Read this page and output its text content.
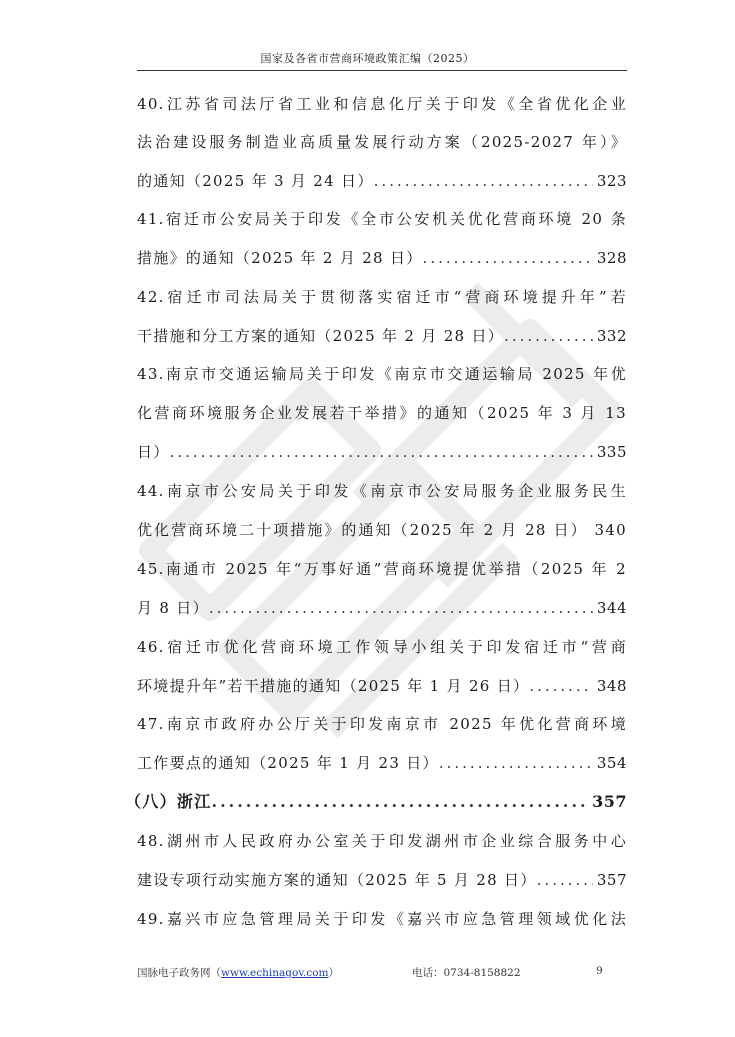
国家及各省市营商环境政策汇编（2025）
40.江苏省司法厅省工业和信息化厅关于印发《全省优化企业
法治建设服务制造业高质量发展行动方案（2025-2027 年）》
的通知（2025 年 3 月 24 日） .....	323
41.宿迁市公安局关于印发《全市公安机关优化营商环境 20 条
措施》的通知（2025 年 2 月 28 日） .....	328
42.宿迁市司法局关于贯彻落实宿迁市“营商环境提升年”若
干措施和分工方案的通知（2025 年 2 月 28 日） .....	332
43.南京市交通运输局关于印发《南京市交通运输局 2025 年优
化营商环境服务企业发展若干举措》的通知（2025 年 3 月 13
日） .....	335
44.南京市公安局关于印发《南京市公安局服务企业服务民生
优化营商环境二十项措施》的通知（2025 年 2 月 28 日） 340
45.南通市 2025 年“万事好通”营商环境提优举措（2025 年 2
月 8 日） .....	344
46.宿迁市优化营商环境工作领导小组关于印发宿迁市“营商
环境提升年”若干措施的通知（2025 年 1 月 26 日） .....	348
47.南京市政府办公厅关于印发南京市 2025 年优化营商环境
工作要点的通知（2025 年 1 月 23 日） .....	354
（八）浙江 .....	357
48.湖州市人民政府办公室关于印发湖州市企业综合服务中心
建设专项行动实施方案的通知（2025 年 5 月 28 日） .....	357
49.嘉兴市应急管理局关于印发《嘉兴市应急管理领域优化法
国脉电子政务网（www.echinagov.com）	电话：0734-8158822	9
